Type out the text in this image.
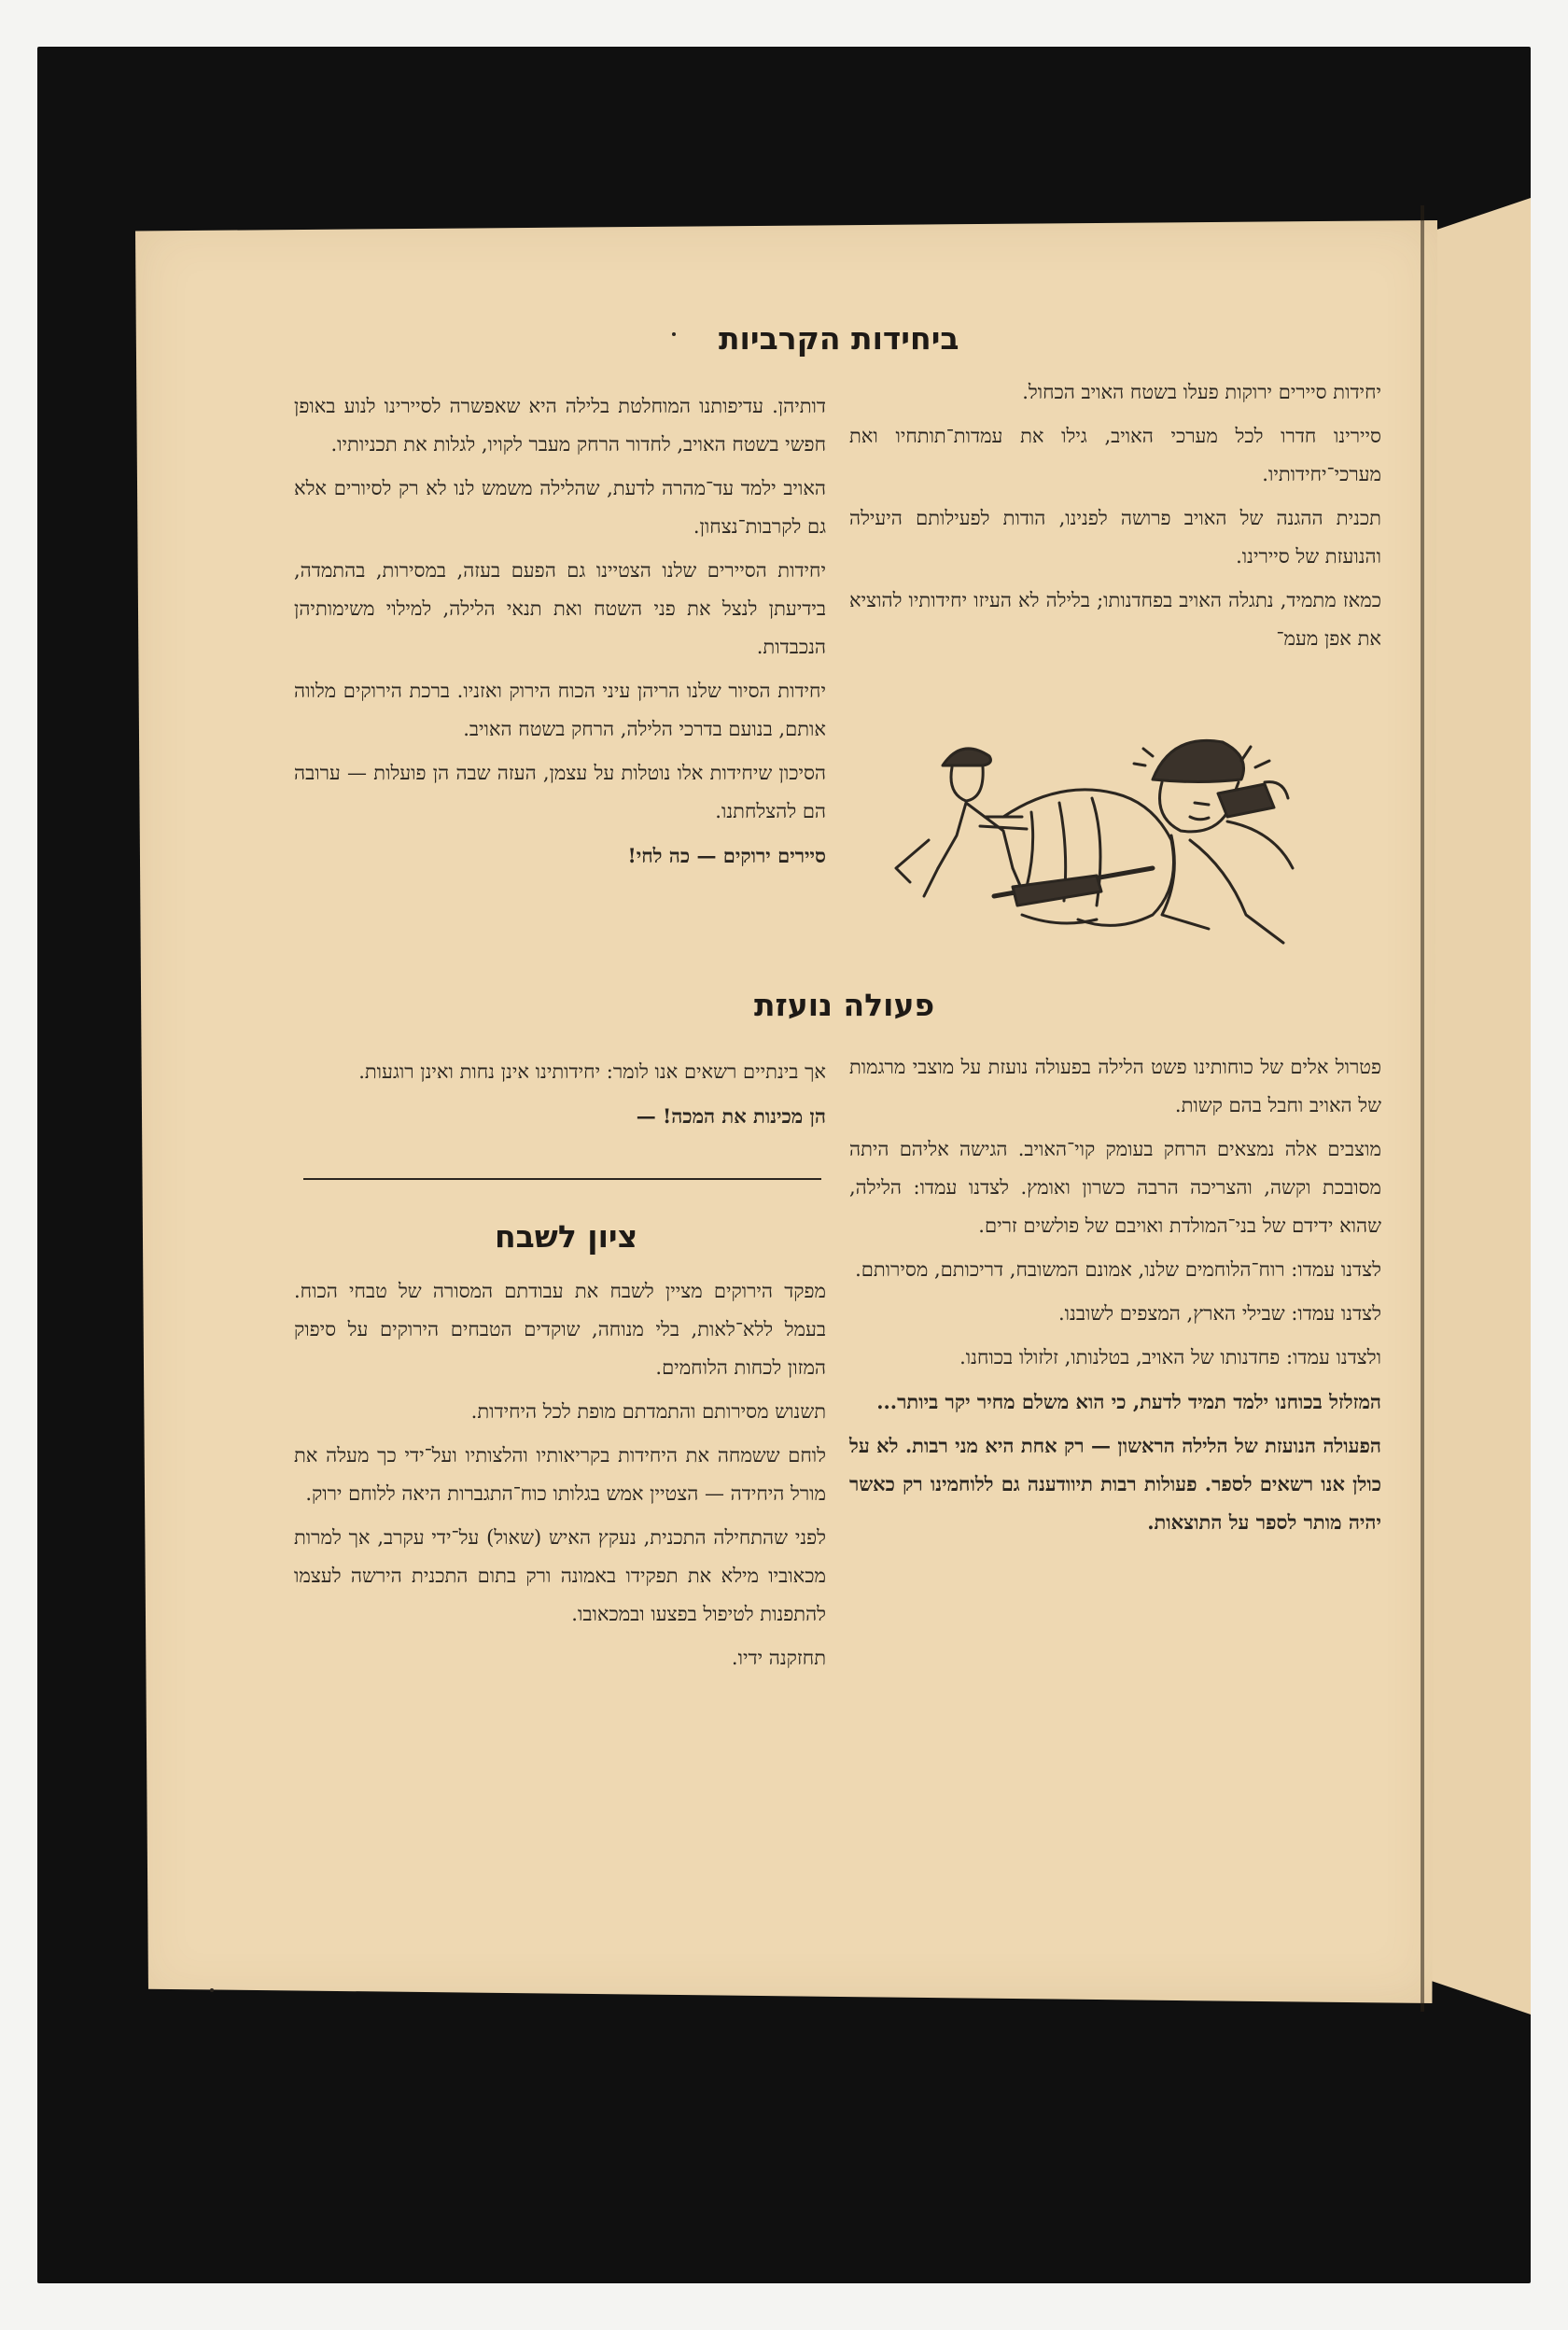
ביחידות הקרביות

יחידות סיירים ירוקות פעלו בשטח האויב הכחול.

סיירינו חדרו לכל מערכי האויב, גילו את עמדות־תותחיו ואת מערכי־יחידותיו.

תכנית ההגנה של האויב פרושה לפנינו, הודות לפעילותם היעילה והנועזת של סיירינו.

כמאז מתמיד, נתגלה האויב בפחדנותו; בלילה לא העיזו יחידותיו להוציא את אפן מעמ־

דותיהן. עדיפותנו המוחלטת בלילה היא שאפשרה לסיירינו לנוע באופן חפשי בשטח האויב, לחדור הרחק מעבר לקויו, לגלות את תכניותיו.

האויב ילמד עד־מהרה לדעת, שהלילה משמש לנו לא רק לסיורים אלא גם לקרבות־נצחון.

יחידות הסיירים שלנו הצטיינו גם הפעם בעזה, במסירות, בהתמדה, בידיעתן לנצל את פני השטח ואת תנאי הלילה, למילוי משימותיהן הנכבדות.

יחידות הסיור שלנו הריהן עיני הכוח הירוק ואזניו. ברכת הירוקים מלווה אותם, בנועם בדרכי הלילה, הרחק בשטח האויב.

הסיכון שיחידות אלו נוטלות על עצמן, העזה שבה הן פועלות — ערובה הם להצלחתנו.

סיירים ירוקים — כה לחי!

פעולה נועזת

פטרול אלים של כוחותינו פשט הלילה בפעולה נועזת על מוצבי מרגמות של האויב וחבל בהם קשות.

מוצבים אלה נמצאים הרחק בעומק קוי־האויב. הגישה אליהם היתה מסובכת וקשה, והצריכה הרבה כשרון ואומץ. לצדנו עמדו: הלילה, שהוא ידידם של בני־המולדת ואויבם של פולשים זרים.

לצדנו עמדו: רוח־הלוחמים שלנו, אמונם המשובח, דריכותם, מסירותם.

לצדנו עמדו: שבילי הארץ, המצפים לשובנו.

ולצדנו עמדו: פחדנותו של האויב, בטלנותו, זלזולו בכוחנו.

המזלזל בכוחנו ילמד תמיד לדעת, כי הוא משלם מחיר יקר ביותר...

הפעולה הנועזת של הלילה הראשון — רק אחת היא מני רבות. לא על כולן אנו רשאים לספר. פעולות רבות תיוודענה גם ללוחמינו רק כאשר יהיה מותר לספר על התוצאות.

אך בינתיים רשאים אנו לומר: יחידותינו אינן נחות ואינן רוגעות.

הן מכינות את המכה! —

ציון לשבח

מפקד הירוקים מציין לשבח את עבודתם המסורה של טבחי הכוח. בעמל ללא־לאות, בלי מנוחה, שוקדים הטבחים הירוקים על סיפוק המזון לכחות הלוחמים.

תשנוש מסירותם והתמדתם מופת לכל היחידות.

לוחם ששמחה את היחידות בקריאותיו והלצותיו ועל־ידי כך מעלה את מורל היחידה — הצטיין אמש בגלותו כוח־התגברות היאה ללוחם ירוק.

לפני שהתחילה התכנית, נעקץ האיש (שאול) על־ידי עקרב, אך למרות מכאוביו מילא את תפקידו באמונה ורק בתום התכנית הירשה לעצמו להתפנות לטיפול בפצעו ובמכאובו.

תחזקנה ידיו.
